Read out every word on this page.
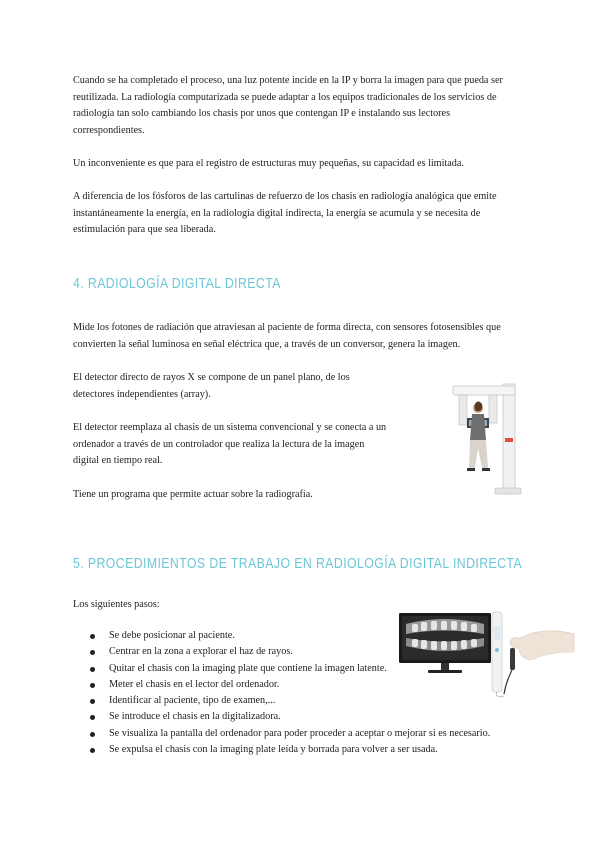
Cuando se ha completado el proceso, una luz potente incide en la IP y borra la imagen para que pueda ser reutilizada. La radiología computarizada se puede adaptar a los equipos tradicionales de los servicios de radiología tan solo cambiando los chasis por unos que contengan IP e instalando sus lectores correspondientes.

Un inconveniente es que para el registro de estructuras muy pequeñas, su capacidad es limitada.

A diferencia de los fósforos de las cartulinas de refuerzo de los chasis en radiología analógica que emite instantáneamente la energía, en la radiología digital indirecta, la energía se acumula y se necesita de estimulación para que sea liberada.

4. RADIOLOGÍA DIGITAL DIRECTA

Mide los fotones de radiación que atraviesan al paciente de forma directa, con sensores fotosensibles que convierten la señal luminosa en señal eléctrica que, a través de un conversor, genera la imagen.

El detector directo de rayos X se compone de un panel plano, de los detectores independientes (array).

El detector reemplaza al chasis de un sistema convencional y se conecta a un ordenador a través de un controlador que realiza la lectura de la imagen digital en tiempo real.

Tiene un programa que permite actuar sobre la radiografía.

5. PROCEDIMIENTOS DE TRABAJO EN RADIOLOGÍA DIGITAL INDIRECTA

Los siguientes pasos:

Se debe posicionar al paciente.
Centrar en la zona a explorar el haz de rayos.
Quitar el chasis con la imaging plate que contiene la imagen latente.
Meter el chasis en el lector del ordenador.
Identificar al paciente, tipo de examen,...
Se introduce el chasis en la digitalizadora.
Se visualiza la pantalla del ordenador para poder proceder a aceptar o mejorar si es necesario.
Se expulsa el chasis con la imaging plate leída y borrada para volver a ser usada.
